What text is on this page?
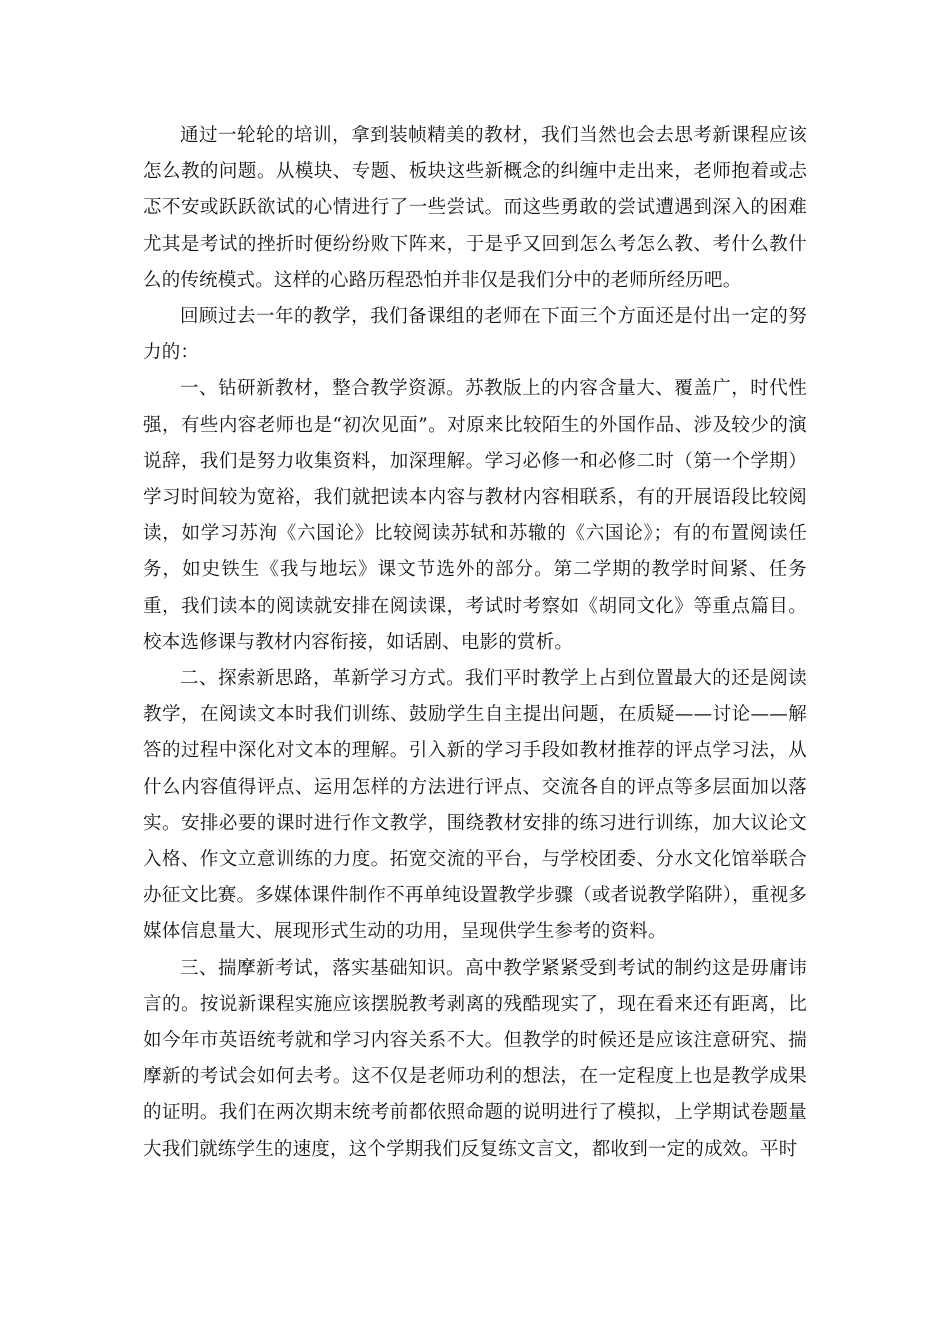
通过一轮轮的培训，拿到装帧精美的教材，我们当然也会去思考新课程应该怎么教的问题。从模块、专题、板块这些新概念的纠缠中走出来，老师抱着或忐忑不安或跃跃欲试的心情进行了一些尝试。而这些勇敢的尝试遭遇到深入的困难尤其是考试的挫折时便纷纷败下阵来，于是乎又回到怎么考怎么教、考什么教什么的传统模式。这样的心路历程恐怕并非仅是我们分中的老师所经历吧。

回顾过去一年的教学，我们备课组的老师在下面三个方面还是付出一定的努力的：

一、钻研新教材，整合教学资源。苏教版上的内容含量大、覆盖广，时代性强，有些内容老师也是“初次见面”。对原来比较陌生的外国作品、涉及较少的演说辞，我们是努力收集资料，加深理解。学习必修一和必修二时（第一个学期）学习时间较为宽裕，我们就把读本内容与教材内容相联系，有的开展语段比较阅读，如学习苏洵《六国论》比较阅读苏轼和苏辙的《六国论》；有的布置阅读任务，如史铁生《我与地坛》课文节选外的部分。第二学期的教学时间紧、任务重，我们读本的阅读就安排在阅读课，考试时考察如《胡同文化》等重点篇目。校本选修课与教材内容衔接，如话剧、电影的赏析。

二、探索新思路，革新学习方式。我们平时教学上占到位置最大的还是阅读教学，在阅读文本时我们训练、鼓励学生自主提出问题，在质疑——讨论——解答的过程中深化对文本的理解。引入新的学习手段如教材推荐的评点学习法，从什么内容值得评点、运用怎样的方法进行评点、交流各自的评点等多层面加以落实。安排必要的课时进行作文教学，围绕教材安排的练习进行训练，加大议论文入格、作文立意训练的力度。拓宽交流的平台，与学校团委、分水文化馆举联合办征文比赛。多媒体课件制作不再单纯设置教学步骤（或者说教学陷阱），重视多媒体信息量大、展现形式生动的功用，呈现供学生参考的资料。

三、揣摩新考试，落实基础知识。高中教学紧紧受到考试的制约这是毋庸讳言的。按说新课程实施应该摆脱教考剥离的残酷现实了，现在看来还有距离，比如今年市英语统考就和学习内容关系不大。但教学的时候还是应该注意研究、揣摩新的考试会如何去考。这不仅是老师功利的想法，在一定程度上也是教学成果的证明。我们在两次期末统考前都依照命题的说明进行了模拟，上学期试卷题量大我们就练学生的速度，这个学期我们反复练文言文，都收到一定的成效。平时
